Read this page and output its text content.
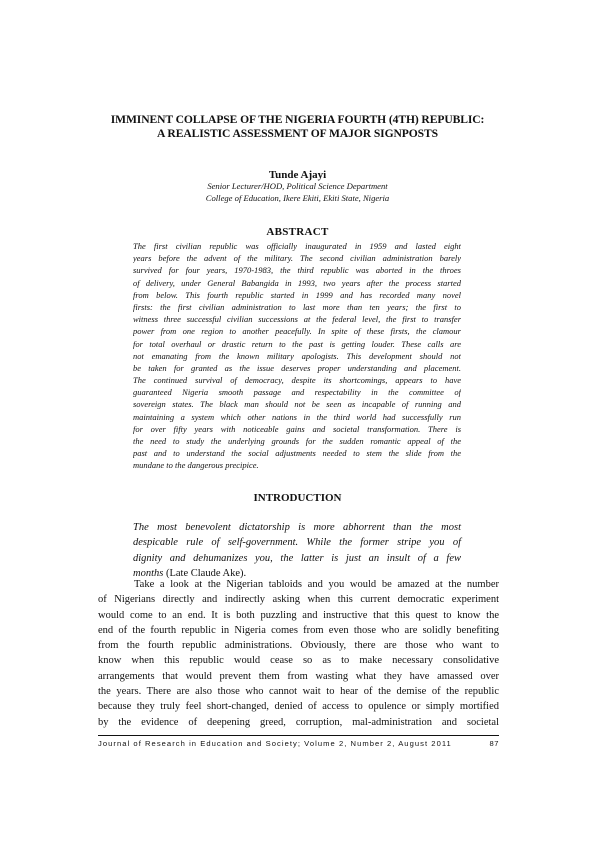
IMMINENT COLLAPSE OF THE NIGERIA FOURTH (4TH) REPUBLIC:
A REALISTIC ASSESSMENT OF MAJOR SIGNPOSTS
Tunde Ajayi
Senior Lecturer/HOD, Political Science Department
College of Education, Ikere Ekiti, Ekiti State, Nigeria
ABSTRACT
The first civilian republic was officially inaugurated in 1959 and lasted eight
years before the advent of the military. The second civilian administration barely
survived for four years, 1970-1983, the third republic was aborted in the throes
of delivery, under General Babangida in 1993, two years after the process started
from below. This fourth republic started in 1999 and has recorded many novel
firsts: the first civilian administration to last more than ten years; the first to
witness three successful civilian successions at the federal level, the first to transfer
power from one region to another peacefully. In spite of these firsts, the clamour
for total overhaul or drastic return to the past is getting louder. These calls are
not emanating from the known military apologists. This development should not
be taken for granted as the issue deserves proper understanding and placement.
The continued survival of democracy, despite its shortcomings, appears to have
guaranteed Nigeria smooth passage and respectability in the committee of
sovereign states. The black man should not be seen as incapable of running and
maintaining a system which other nations in the third world had successfully run
for over fifty years with noticeable gains and societal transformation. There is
the need to study the underlying grounds for the sudden romantic appeal of the
past and to understand the social adjustments needed to stem the slide from the
mundane to the dangerous precipice.
INTRODUCTION
The most benevolent dictatorship is more abhorrent than the most
despicable rule of self-government. While the former stripe you of
dignity and dehumanizes you, the latter is just an insult of a few
months (Late Claude Ake).
Take a look at the Nigerian tabloids and you would be amazed at the number
of Nigerians directly and indirectly asking when this current democratic experiment
would come to an end. It is both puzzling and instructive that this quest to know the
end of the fourth republic in Nigeria comes from even those who are solidly benefiting
from the fourth republic administrations. Obviously, there are those who want to
know when this republic would cease so as to make necessary consolidative
arrangements that would prevent them from wasting what they have amassed over
the years. There are also those who cannot wait to hear of the demise of the republic
because they truly feel short-changed, denied of access to opulence or simply mortified
by the evidence of deepening greed, corruption, mal-administration and societal
Journal of Research in Education and Society; Volume 2, Number 2, August 2011	87
